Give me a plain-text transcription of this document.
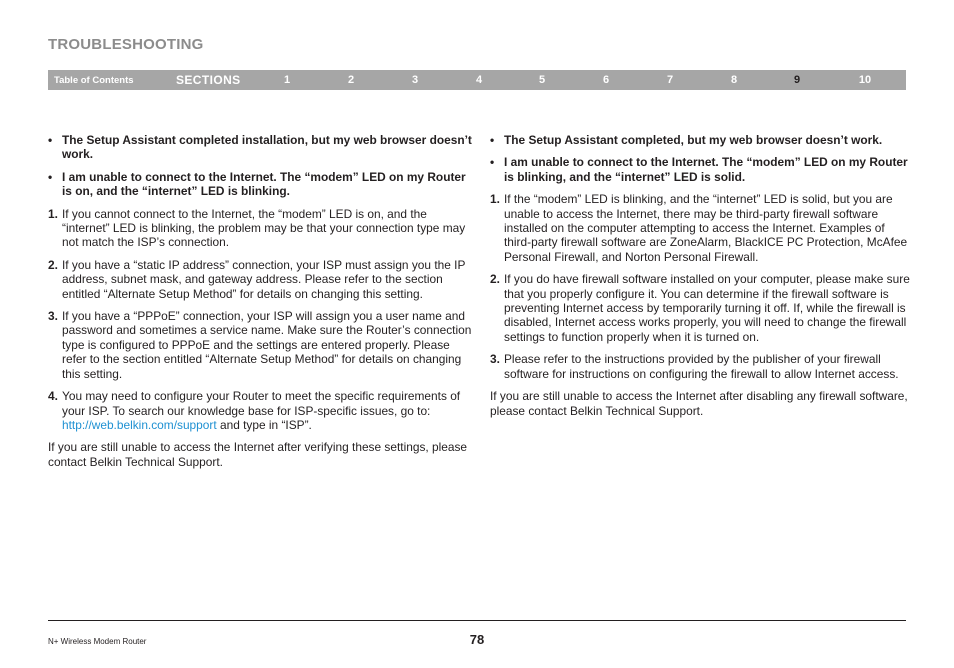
TROUBLESHOOTING
Table of Contents	SECTIONS	1	2	3	4	5	6	7	8	9	10
• The Setup Assistant completed installation, but my web browser doesn’t work.
• I am unable to connect to the Internet. The “modem” LED on my Router is on, and the “internet” LED is blinking.
1. If you cannot connect to the Internet, the “modem” LED is on, and the “internet” LED is blinking, the problem may be that your connection type may not match the ISP’s connection.
2. If you have a “static IP address” connection, your ISP must assign you the IP address, subnet mask, and gateway address. Please refer to the section entitled “Alternate Setup Method” for details on changing this setting.
3. If you have a “PPPoE” connection, your ISP will assign you a user name and password and sometimes a service name. Make sure the Router’s connection type is configured to PPPoE and the settings are entered properly. Please refer to the section entitled “Alternate Setup Method” for details on changing this setting.
4. You may need to configure your Router to meet the specific requirements of your ISP. To search our knowledge base for ISP-specific issues, go to: http://web.belkin.com/support and type in “ISP”.
If you are still unable to access the Internet after verifying these settings, please contact Belkin Technical Support.
• The Setup Assistant completed, but my web browser doesn’t work.
• I am unable to connect to the Internet. The “modem” LED on my Router is blinking, and the “internet” LED is solid.
1. If the “modem” LED is blinking, and the “internet” LED is solid, but you are unable to access the Internet, there may be third-party firewall software installed on the computer attempting to access the Internet. Examples of third-party firewall software are ZoneAlarm, BlackICE PC Protection, McAfee Personal Firewall, and Norton Personal Firewall.
2. If you do have firewall software installed on your computer, please make sure that you properly configure it. You can determine if the firewall software is preventing Internet access by temporarily turning it off. If, while the firewall is disabled, Internet access works properly, you will need to change the firewall settings to function properly when it is turned on.
3. Please refer to the instructions provided by the publisher of your firewall software for instructions on configuring the firewall to allow Internet access.
If you are still unable to access the Internet after disabling any firewall software, please contact Belkin Technical Support.
N+ Wireless Modem Router	78
